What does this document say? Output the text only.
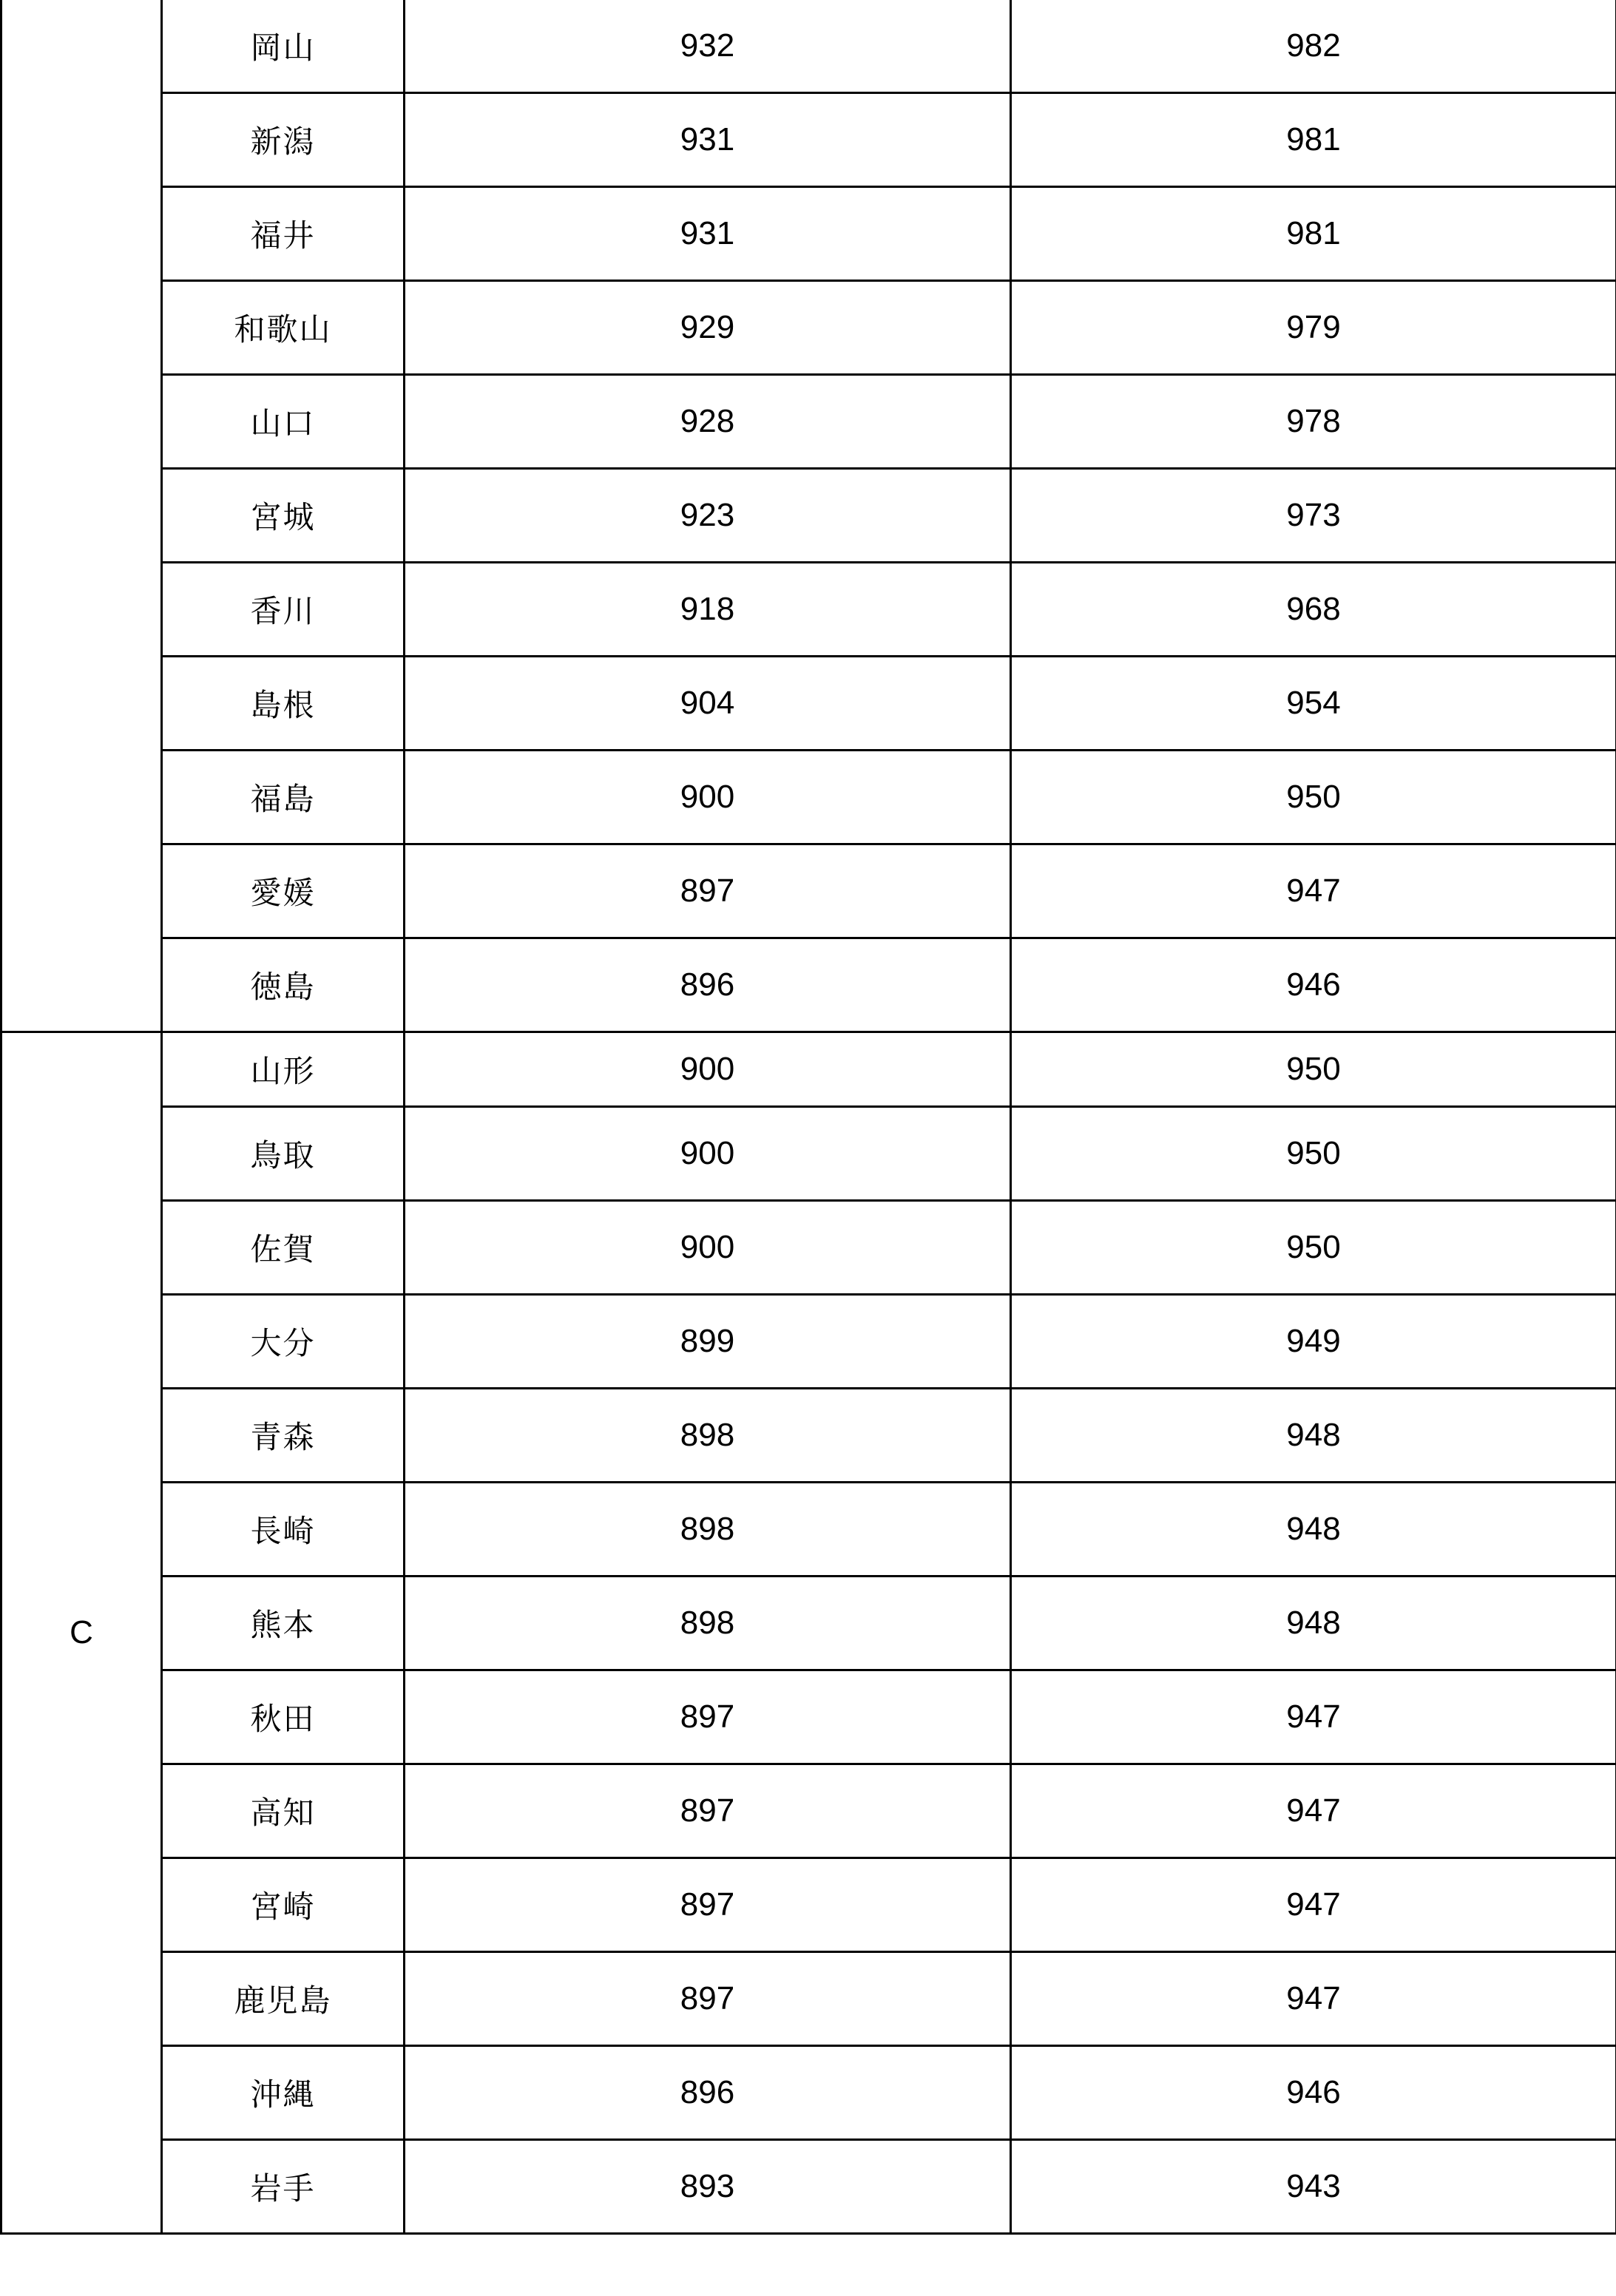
	岡山	932	982
	新潟	931	981
	福井	931	981
	和歌山	929	979
	山口	928	978
	宮城	923	973
	香川	918	968
	島根	904	954
	福島	900	950
	愛媛	897	947
	徳島	896	946
C	山形	900	950
	鳥取	900	950
	佐賀	900	950
	大分	899	949
	青森	898	948
	長崎	898	948
	熊本	898	948
	秋田	897	947
	高知	897	947
	宮崎	897	947
	鹿児島	897	947
	沖縄	896	946
	岩手	893	943
